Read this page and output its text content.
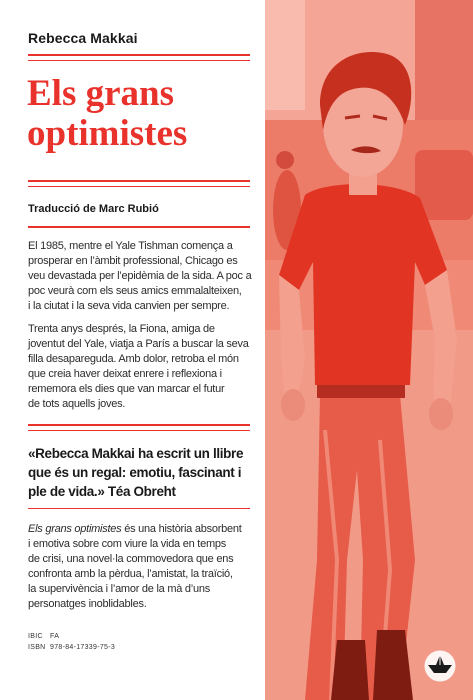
Rebecca Makkai
Els grans
optimistes
Traducció de Marc Rubió
El 1985, mentre el Yale Tishman comença a
prosperar en l’àmbit professional, Chicago es
veu devastada per l’epidèmia de la sida. A poc a
poc veurà com els seus amics emmalalteixen,
i la ciutat i la seva vida canvien per sempre.
Trenta anys després, la Fiona, amiga de
joventut del Yale, viatja a París a buscar la seva
filla desapareguda. Amb dolor, retroba el món
que creia haver deixat enrere i reflexiona i
rememora els dies que van marcar el futur
de tots aquells joves.
«Rebecca Makkai ha escrit un llibre
que és un regal: emotiu, fascinant i
ple de vida.» Téa Obreht
Els grans optimistes és una història absorbent
i emotiva sobre com viure la vida en temps
de crisi, una novel·la commovedora que ens
confronta amb la pèrdua, l’amistat, la traïció,
la supervivència i l’amor de la mà d’uns
personatges inoblidables.
IBIC FA
ISBN 978-84-17339-75-3
